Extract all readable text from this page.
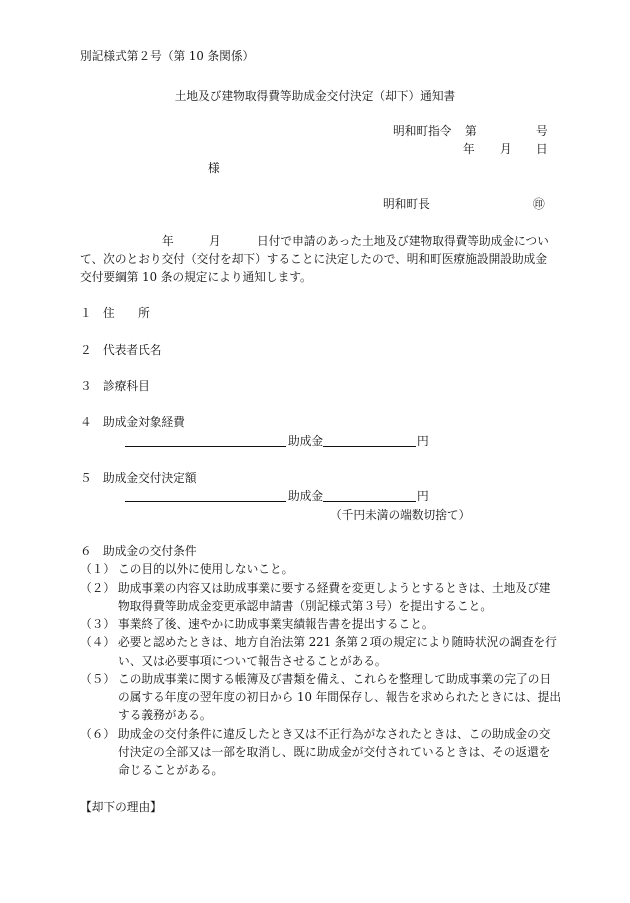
別記様式第２号（第 10 条関係）
土地及び建物取得費等助成金交付決定（却下）通知書
明和町指令 第	号
年 月 日
様
明和町長	㊞
年	月	日付で申請のあった土地及び建物取得費等助成金につい
て、次のとおり交付（交付を却下）することに決定したので、明和町医療施設開設助成金
交付要綱第 10 条の規定により通知します。
１ 住　　所
２ 代表者氏名
３ 診療科目
４ 助成金対象経費
助成金	円
５ 助成金交付決定額
助成金	円
（千円未満の端数切捨て）
６ 助成金の交付条件
（１） この目的以外に使用しないこと。
（２） 助成事業の内容又は助成事業に要する経費を変更しようとするときは、土地及び建
物取得費等助成金変更承認申請書（別記様式第３号）を提出すること。
（３） 事業終了後、速やかに助成事業実績報告書を提出すること。
（４） 必要と認めたときは、地方自治法第 221 条第２項の規定により随時状況の調査を行
い、又は必要事項について報告させることがある。
（５） この助成事業に関する帳簿及び書類を備え、これらを整理して助成事業の完了の日
の属する年度の翌年度の初日から 10 年間保存し、報告を求められたときには、提出
する義務がある。
（６） 助成金の交付条件に違反したとき又は不正行為がなされたときは、この助成金の交
付決定の全部又は一部を取消し、既に助成金が交付されているときは、その返還を
命じることがある。
【却下の理由】
